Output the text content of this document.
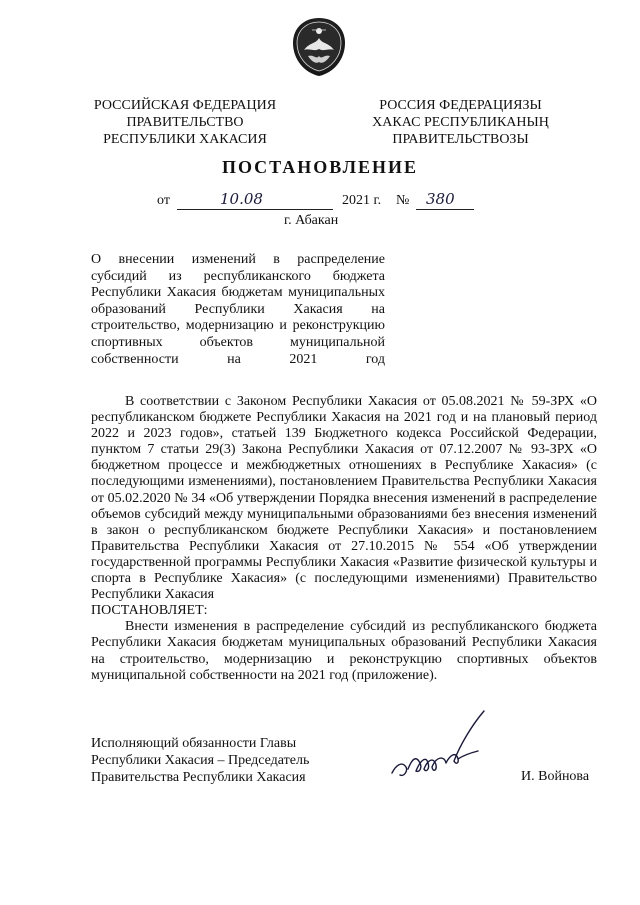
РОССИЙСКАЯ ФЕДЕРАЦИЯ
ПРАВИТЕЛЬСТВО
РЕСПУБЛИКИ ХАКАСИЯ
РОССИЯ ФЕДЕРАЦИЯЗЫ
ХАКАС РЕСПУБЛИКАНЫҢ
ПРАВИТЕЛЬСТВОЗЫ
ПОСТАНОВЛЕНИЕ
от	10.08	2021 г. № 380
г. Абакан
О внесении изменений в распределение субсидий из республиканского бюджета Республики Хакасия бюджетам муниципальных образований Республики Хакасия на строительство, модернизацию и реконструкцию спортивных объектов муниципальной собственности на 2021 год

В соответствии с Законом Республики Хакасия от 05.08.2021 № 59-ЗРХ «О республиканском бюджете Республики Хакасия на 2021 год и на плановый период 2022 и 2023 годов», статьей 139 Бюджетного кодекса Российской Федерации, пунктом 7 статьи 29(3) Закона Республики Хакасия от 07.12.2007 № 93-ЗРХ «О бюджетном процессе и межбюджетных отношениях в Республике Хакасия» (с последующими изменениями), постановлением Правительства Республики Хакасия от 05.02.2020 № 34 «Об утверждении Порядка внесения изменений в распределение объемов субсидий между муниципальными образованиями без внесения изменений в закон о республиканском бюджете Республики Хакасия» и постановлением Правительства Республики Хакасия от 27.10.2015 № 554 «Об утверждении государственной программы Республики Хакасия «Развитие физической культуры и спорта в Республике Хакасия» (с последующими изменениями) Правительство Республики Хакасия

ПОСТАНОВЛЯЕТ:

Внести изменения в распределение субсидий из республиканского бюджета Республики Хакасия бюджетам муниципальных образований Республики Хакасия на строительство, модернизацию и реконструкцию спортивных объектов муниципальной собственности на 2021 год (приложение).

Исполняющий обязанности Главы
Республики Хакасия – Председатель
Правительства Республики Хакасия	И. Войнова
